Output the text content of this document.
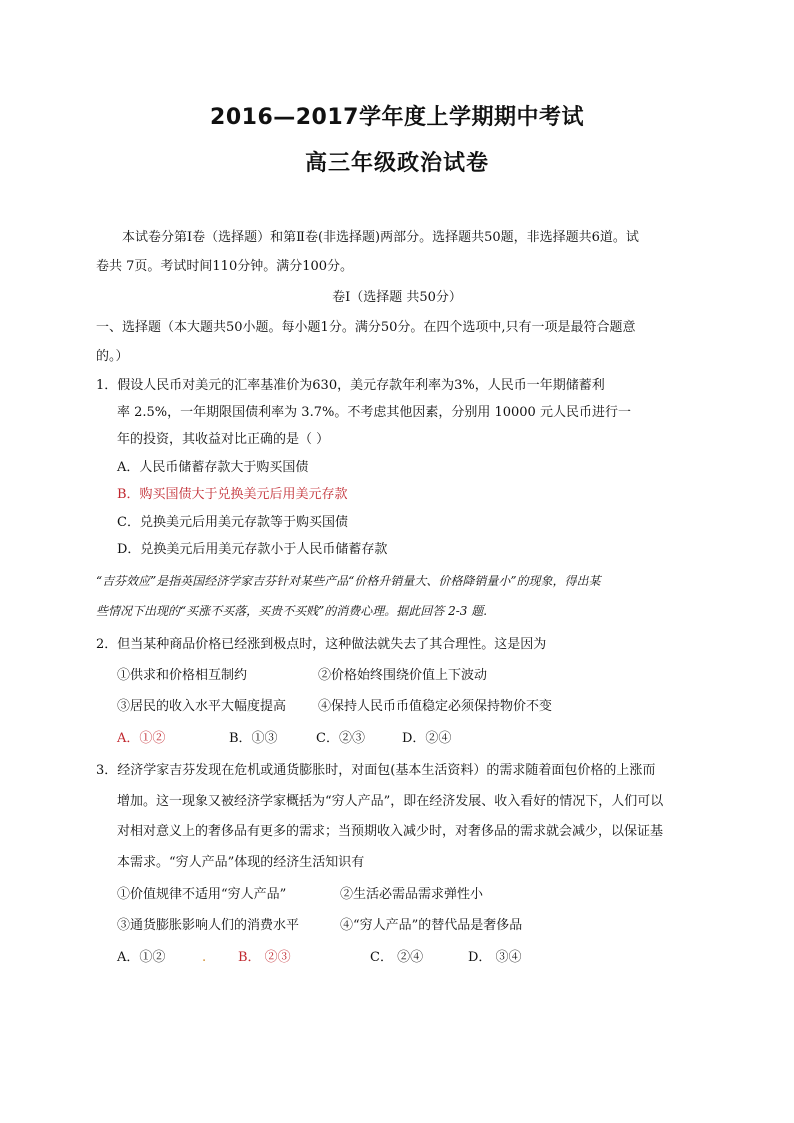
2016—2017学年度上学期期中考试
高三年级政治试卷
本试卷分第Ⅰ卷（选择题）和第Ⅱ卷(非选择题)两部分。选择题共50题，非选择题共6道。试
卷共 7页。考试时间110分钟。满分100分。
卷Ⅰ（选择题 共50分）
一、选择题（本大题共50小题。每小题1分。满分50分。在四个选项中,只有一项是最符合题意
的。）
1．假设人民币对美元的汇率基准价为630，美元存款年利率为3%，人民币一年期储蓄利
率 2.5%，一年期限国债利率为 3.7%。不考虑其他因素，分别用 10000 元人民币进行一
年的投资，其收益对比正确的是（ ）
A．人民币储蓄存款大于购买国债
B．购买国债大于兑换美元后用美元存款
C．兑换美元后用美元存款等于购买国债
D．兑换美元后用美元存款小于人民币储蓄存款
“吉芬效应”是指英国经济学家吉芬针对某些产品“价格升销量大、价格降销量小”的现象，得出某
些情况下出现的“买涨不买落，买贵不买贱”的消费心理。据此回答 2-3 题.
2．但当某种商品价格已经涨到极点时，这种做法就失去了其合理性。这是因为
①供求和价格相互制约	②价格始终围绕价值上下波动
③居民的收入水平大幅度提高 ④保持人民币币值稳定必须保持物价不变
A．①②	B．①③	C．②③	D．②④
3．经济学家吉芬发现在危机或通货膨胀时，对面包(基本生活资料）的需求随着面包价格的上涨而
增加。这一现象又被经济学家概括为“穷人产品”，即在经济发展、收入看好的情况下，人们可以
对相对意义上的奢侈品有更多的需求；当预期收入减少时，对奢侈品的需求就会减少，以保证基
本需求。“穷人产品”体现的经济生活知识有
①价值规律不适用“穷人产品”	②生活必需品需求弹性小
③通货膨胀影响人们的消费水平	④“穷人产品”的替代品是奢侈品
A．①②	. B． ②③	C． ②④	D． ③④
